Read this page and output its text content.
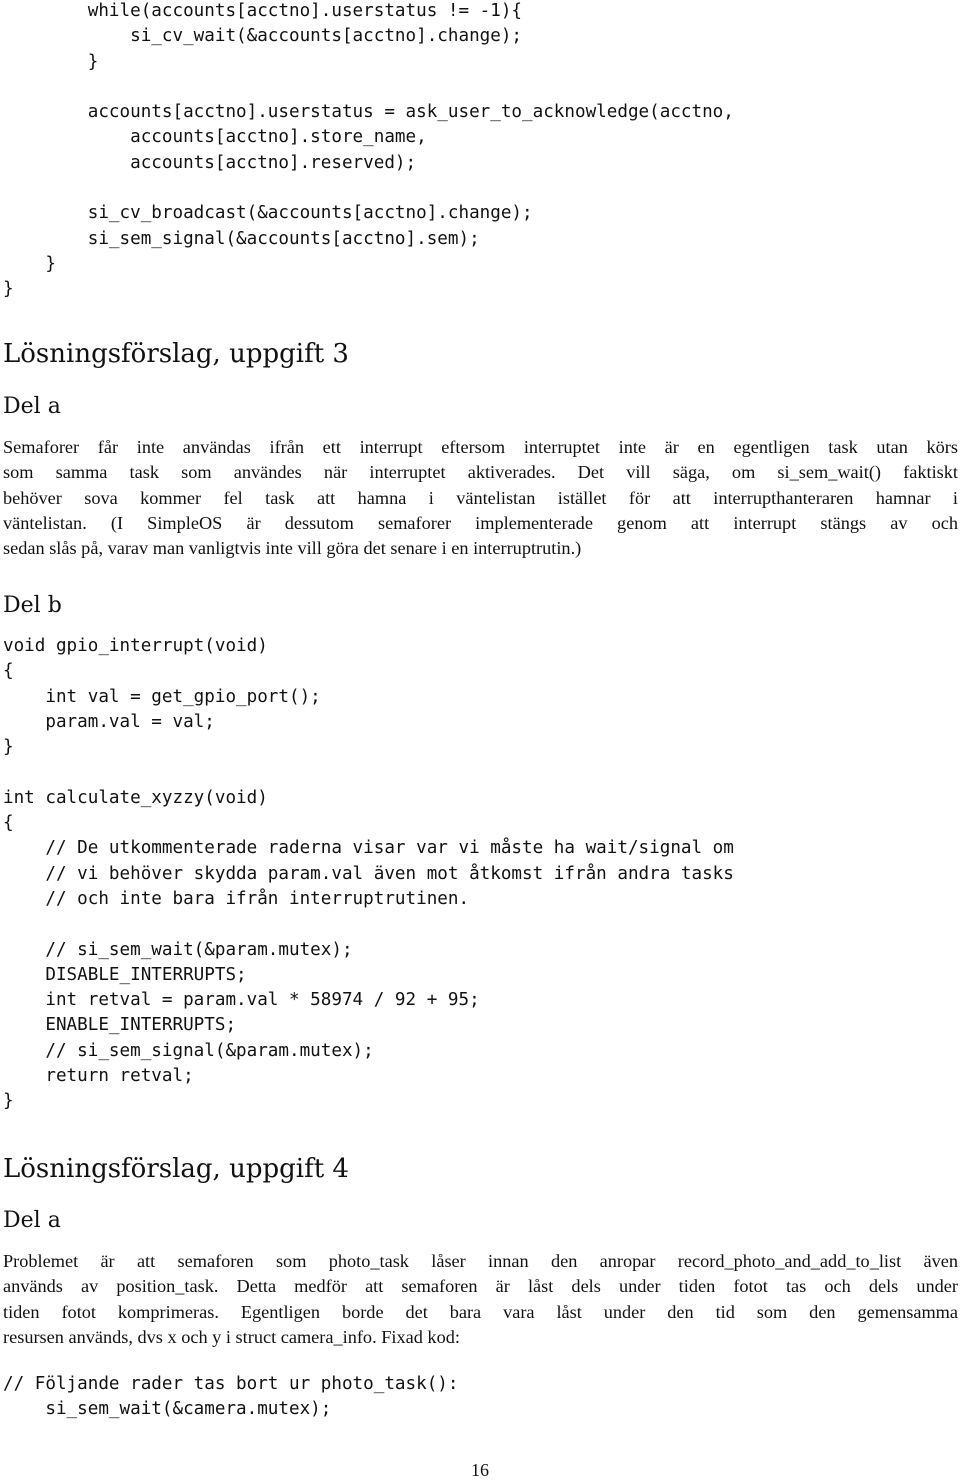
while(accounts[acctno].userstatus != -1){
si_cv_wait(&accounts[acctno].change);
}
accounts[acctno].userstatus = ask_user_to_acknowledge(acctno,
accounts[acctno].store_name,
accounts[acctno].reserved);
si_cv_broadcast(&accounts[acctno].change);
si_sem_signal(&accounts[acctno].sem);
}
}
Lösningsförslag, uppgift 3
Del a
Semaforer får inte användas ifrån ett interrupt eftersom interruptet inte är en egentligen task utan körs
som samma task som användes när interruptet aktiverades. Det vill säga, om si_sem_wait() faktiskt
behöver sova kommer fel task att hamna i väntelistan istället för att interrupthanteraren hamnar i
väntelistan. (I SimpleOS är dessutom semaforer implementerade genom att interrupt stängs av och
sedan slås på, varav man vanligtvis inte vill göra det senare i en interruptrutin.)
Del b
void gpio_interrupt(void)
{
int val = get_gpio_port();
param.val = val;
}
int calculate_xyzzy(void)
{
// De utkommenterade raderna visar var vi måste ha wait/signal om
// vi behöver skydda param.val även mot åtkomst ifrån andra tasks
// och inte bara ifrån interruptrutinen.
// si_sem_wait(&param.mutex);
DISABLE_INTERRUPTS;
int retval = param.val * 58974 / 92 + 95;
ENABLE_INTERRUPTS;
// si_sem_signal(&param.mutex);
return retval;
}
Lösningsförslag, uppgift 4
Del a
Problemet är att semaforen som photo_task låser innan den anropar record_photo_and_add_to_list även
används av position_task. Detta medför att semaforen är låst dels under tiden fotot tas och dels under
tiden fotot komprimeras. Egentligen borde det bara vara låst under den tid som den gemensamma
resursen används, dvs x och y i struct camera_info. Fixad kod:
// Följande rader tas bort ur photo_task():
si_sem_wait(&camera.mutex);
16
